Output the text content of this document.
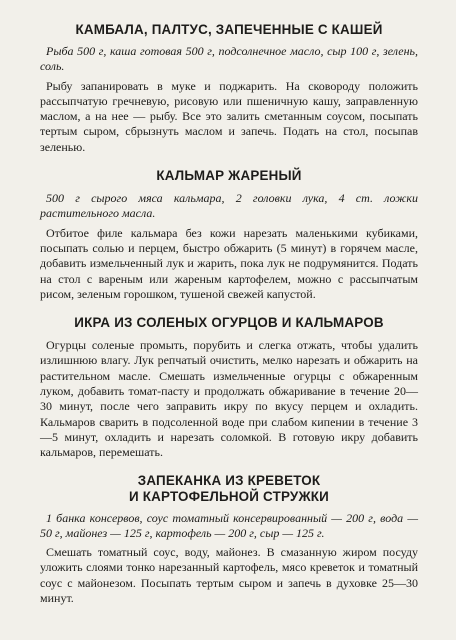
КАМБАЛА, ПАЛТУС, ЗАПЕЧЕННЫЕ С КАШЕЙ

Рыба 500 г, каша готовая 500 г, подсолнечное масло, сыр 100 г, зелень, соль.

Рыбу запанировать в муке и поджарить. На сковороду положить рассыпчатую гречневую, рисовую или пшеничную кашу, заправленную маслом, а на нее — рыбу. Все это залить сметанным соусом, посыпать тертым сыром, сбрызнуть маслом и запечь. Подать на стол, посыпав зеленью.

КАЛЬМАР ЖАРЕНЫЙ

500 г сырого мяса кальмара, 2 головки лука, 4 ст. ложки растительного масла.

Отбитое филе кальмара без кожи нарезать маленькими кубиками, посыпать солью и перцем, быстро обжарить (5 минут) в горячем масле, добавить измельченный лук и жарить, пока лук не подрумянится. Подать на стол с вареным или жареным картофелем, можно с рассыпчатым рисом, зеленым горошком, тушеной свежей капустой.

ИКРА ИЗ СОЛЕНЫХ ОГУРЦОВ И КАЛЬМАРОВ

Огурцы соленые промыть, порубить и слегка отжать, чтобы удалить излишнюю влагу. Лук репчатый очистить, мелко нарезать и обжарить на растительном масле. Смешать измельченные огурцы с обжаренным луком, добавить томат-пасту и продолжать обжаривание в течение 20—30 минут, после чего заправить икру по вкусу перцем и охладить. Кальмаров сварить в подсоленной воде при слабом кипении в течение 3—5 минут, охладить и нарезать соломкой. В готовую икру добавить кальмаров, перемешать.

ЗАПЕКАНКА ИЗ КРЕВЕТОК
И КАРТОФЕЛЬНОЙ СТРУЖКИ

1 банка консервов, соус томатный консервированный — 200 г, вода — 50 г, майонез — 125 г, картофель — 200 г, сыр — 125 г.

Смешать томатный соус, воду, майонез. В смазанную жиром посуду уложить слоями тонко нарезанный картофель, мясо креветок и томатный соус с майонезом. Посыпать тертым сыром и запечь в духовке 25—30 минут.
